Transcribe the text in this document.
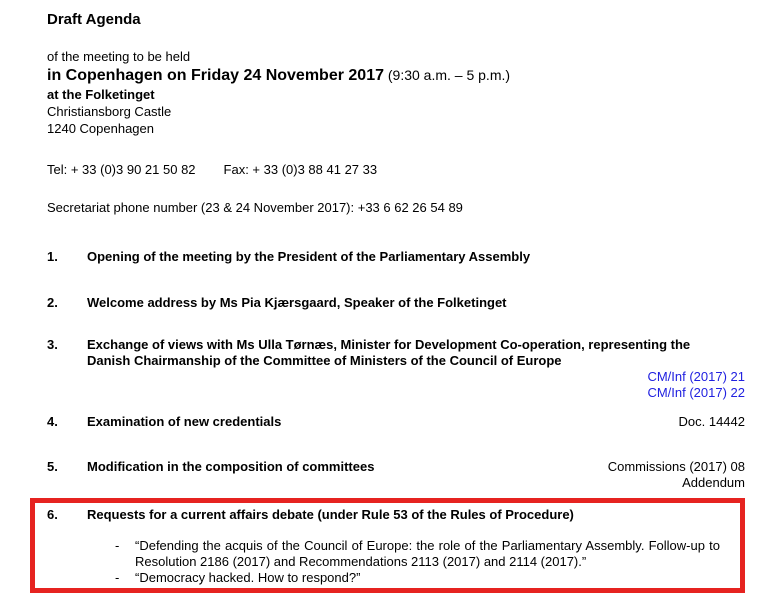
Draft Agenda
of the meeting to be held
in Copenhagen on Friday 24 November 2017 (9:30 a.m. – 5 p.m.)
at the Folketinget
Christiansborg Castle
1240 Copenhagen
Tel: + 33 (0)3 90 21 50 82 Fax: + 33 (0)3 88 41 27 33
Secretariat phone number (23 & 24 November 2017): +33 6 62 26 54 89
1.	Opening of the meeting by the President of the Parliamentary Assembly
2.	Welcome address by Ms Pia Kjærsgaard, Speaker of the Folketinget
3.	Exchange of views with Ms Ulla Tørnæs, Minister for Development Co-operation, representing the Danish Chairmanship of the Committee of Ministers of the Council of Europe
CM/Inf (2017) 21
CM/Inf (2017) 22
4.	Examination of new credentials	Doc. 14442
5.	Modification in the composition of committees	Commissions (2017) 08
Addendum
6.	Requests for a current affairs debate (under Rule 53 of the Rules of Procedure)
-	“Defending the acquis of the Council of Europe: the role of the Parliamentary Assembly. Follow-up to Resolution 2186 (2017) and Recommendations 2113 (2017) and 2114 (2017).”
-	“Democracy hacked. How to respond?”
